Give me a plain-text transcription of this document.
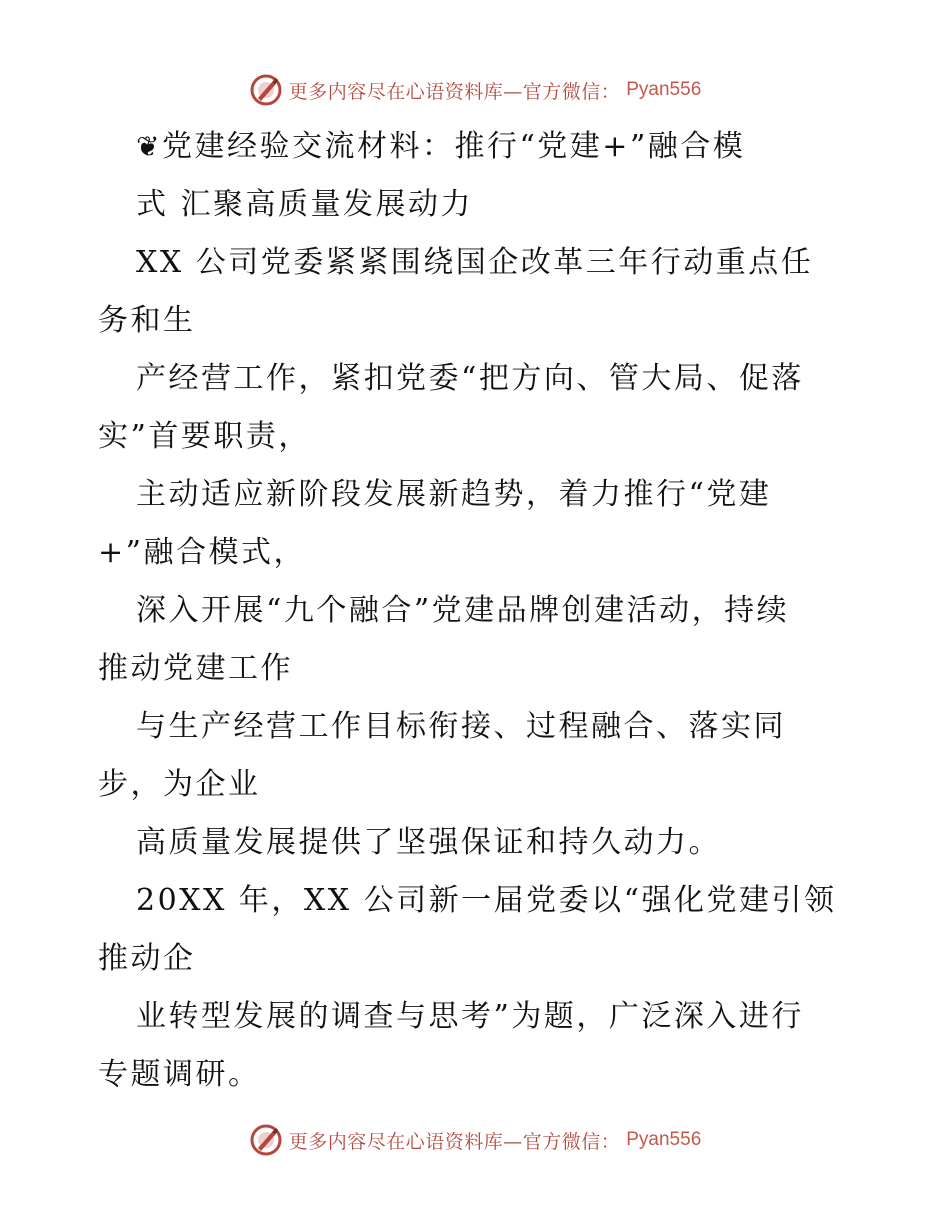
更多内容尽在心语资料库—官方微信： Pyan556
❦党建经验交流材料：推行“党建+”融合模
式 汇聚高质量发展动力
XX 公司党委紧紧围绕国企改革三年行动重点任
务和生
产经营工作，紧扣党委“把方向、管大局、促落
实”首要职责，
主动适应新阶段发展新趋势，着力推行“党建
+”融合模式，
深入开展“九个融合”党建品牌创建活动，持续
推动党建工作
与生产经营工作目标衔接、过程融合、落实同
步，为企业
高质量发展提供了坚强保证和持久动力。
20XX 年，XX 公司新一届党委以“强化党建引领
推动企
业转型发展的调查与思考”为题，广泛深入进行
专题调研。
更多内容尽在心语资料库—官方微信： Pyan556
